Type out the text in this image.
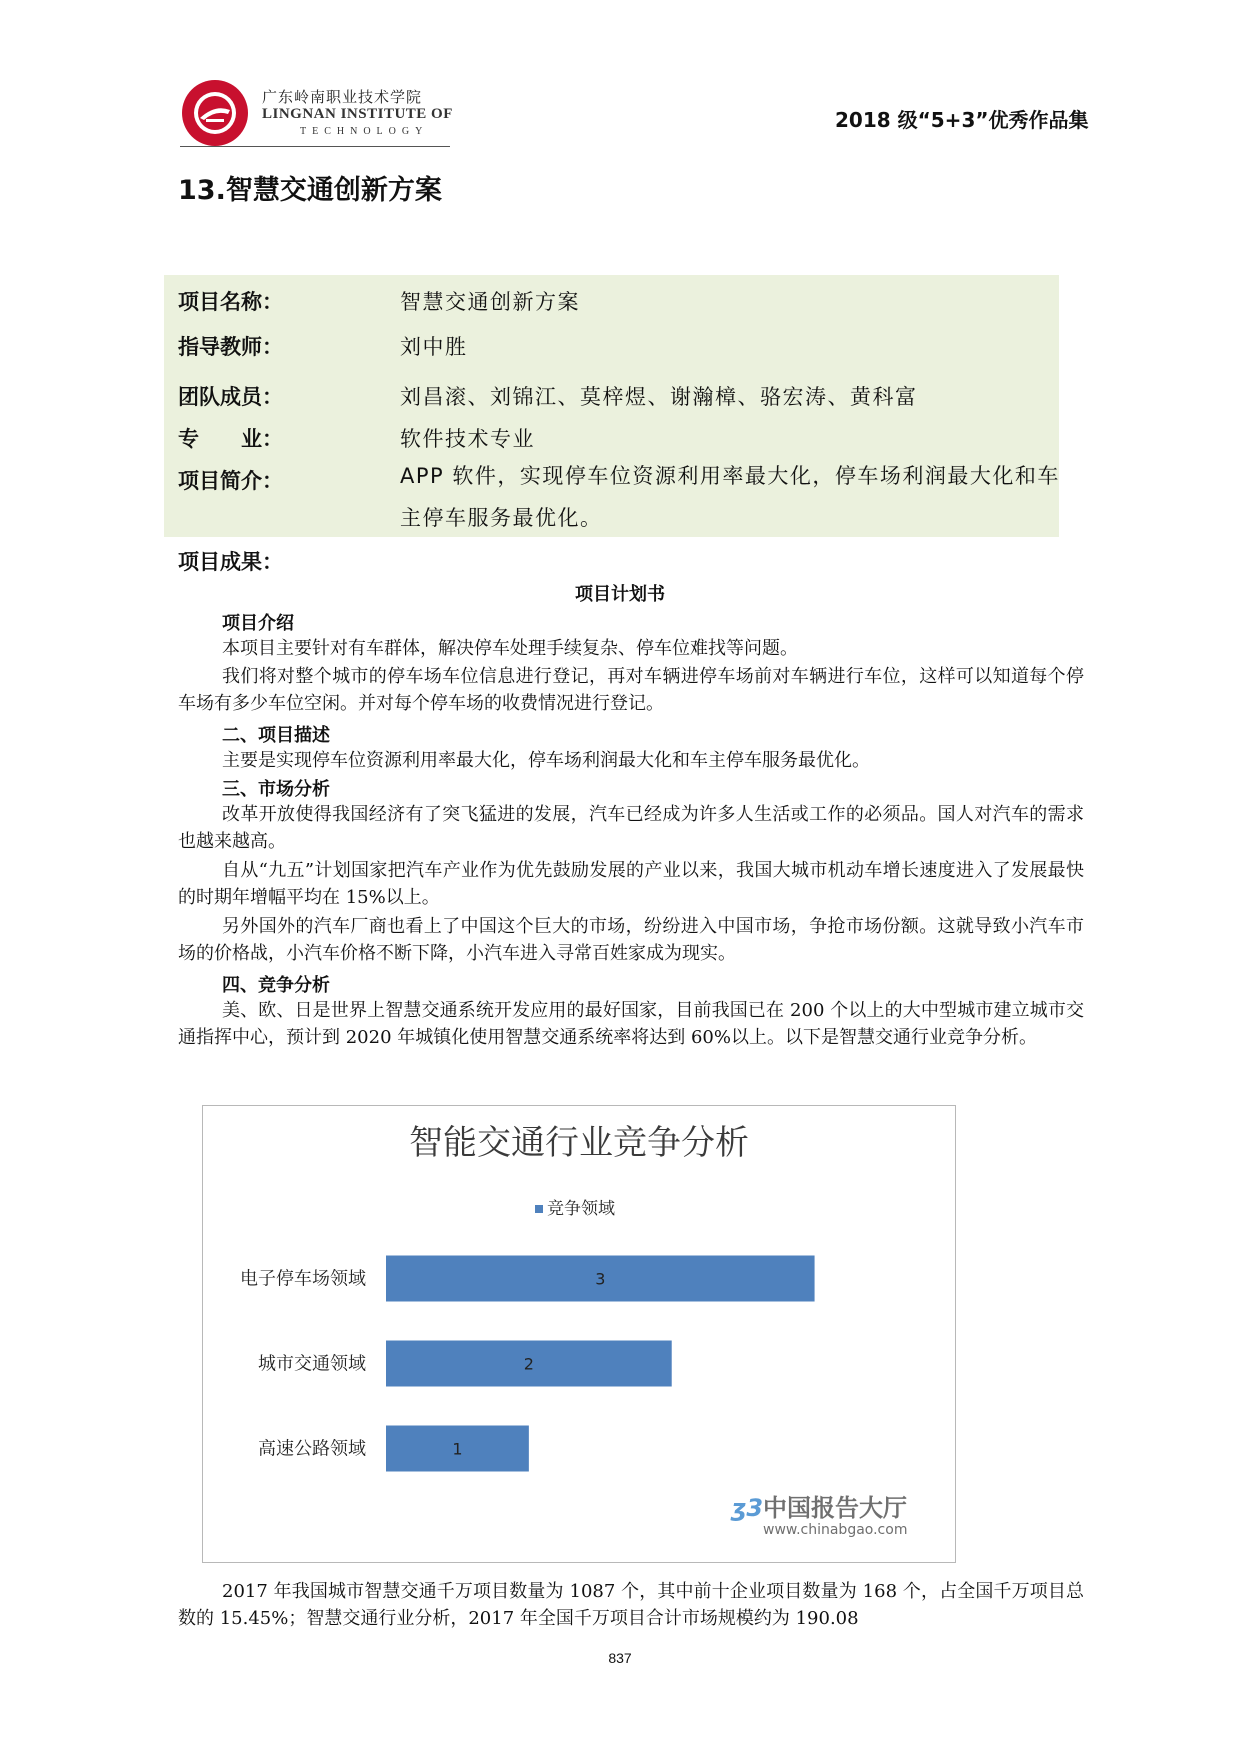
广东岭南职业技术学院
LINGNAN INSTITUTE OF
TECHNOLOGY	2018 级“5+3”优秀作品集
13.智慧交通创新方案
项目名称：	智慧交通创新方案
指导教师：	刘中胜
团队成员：	刘昌滚、刘锦江、莫梓煜、谢瀚樟、骆宏涛、黄科富
专　　业：	软件技术专业
项目简介：	APP 软件，实现停车位资源利用率最大化，停车场利润最大化和车主停车服务最优化。
项目成果：
项目计划书
项目介绍
本项目主要针对有车群体，解决停车处理手续复杂、停车位难找等问题。
我们将对整个城市的停车场车位信息进行登记，再对车辆进停车场前对车辆进行车位，这样可以知道每个停车场有多少车位空闲。并对每个停车场的收费情况进行登记。
二、项目描述
主要是实现停车位资源利用率最大化，停车场利润最大化和车主停车服务最优化。
三、市场分析
改革开放使得我国经济有了突飞猛进的发展，汽车已经成为许多人生活或工作的必须品。国人对汽车的需求也越来越高。
自从“九五”计划国家把汽车产业作为优先鼓励发展的产业以来，我国大城市机动车增长速度进入了发展最快的时期年增幅平均在 15%以上。
另外国外的汽车厂商也看上了中国这个巨大的市场，纷纷进入中国市场，争抢市场份额。这就导致小汽车市场的价格战，小汽车价格不断下降，小汽车进入寻常百姓家成为现实。
四、竞争分析
美、欧、日是世界上智慧交通系统开发应用的最好国家，目前我国已在 200 个以上的大中型城市建立城市交通指挥中心，预计到 2020 年城镇化使用智慧交通系统率将达到 60%以上。以下是智慧交通行业竞争分析。
智能交通行业竞争分析
竞争领域
3
电子停车场领域
2
城市交通领域
1
高速公路领域
ʒ3 中国报告大厅
www.chinabgao.com
2017 年我国城市智慧交通千万项目数量为 1087 个，其中前十企业项目数量为 168 个，占全国千万项目总数的 15.45%；智慧交通行业分析，2017 年全国千万项目合计市场规模约为 190.08
837
